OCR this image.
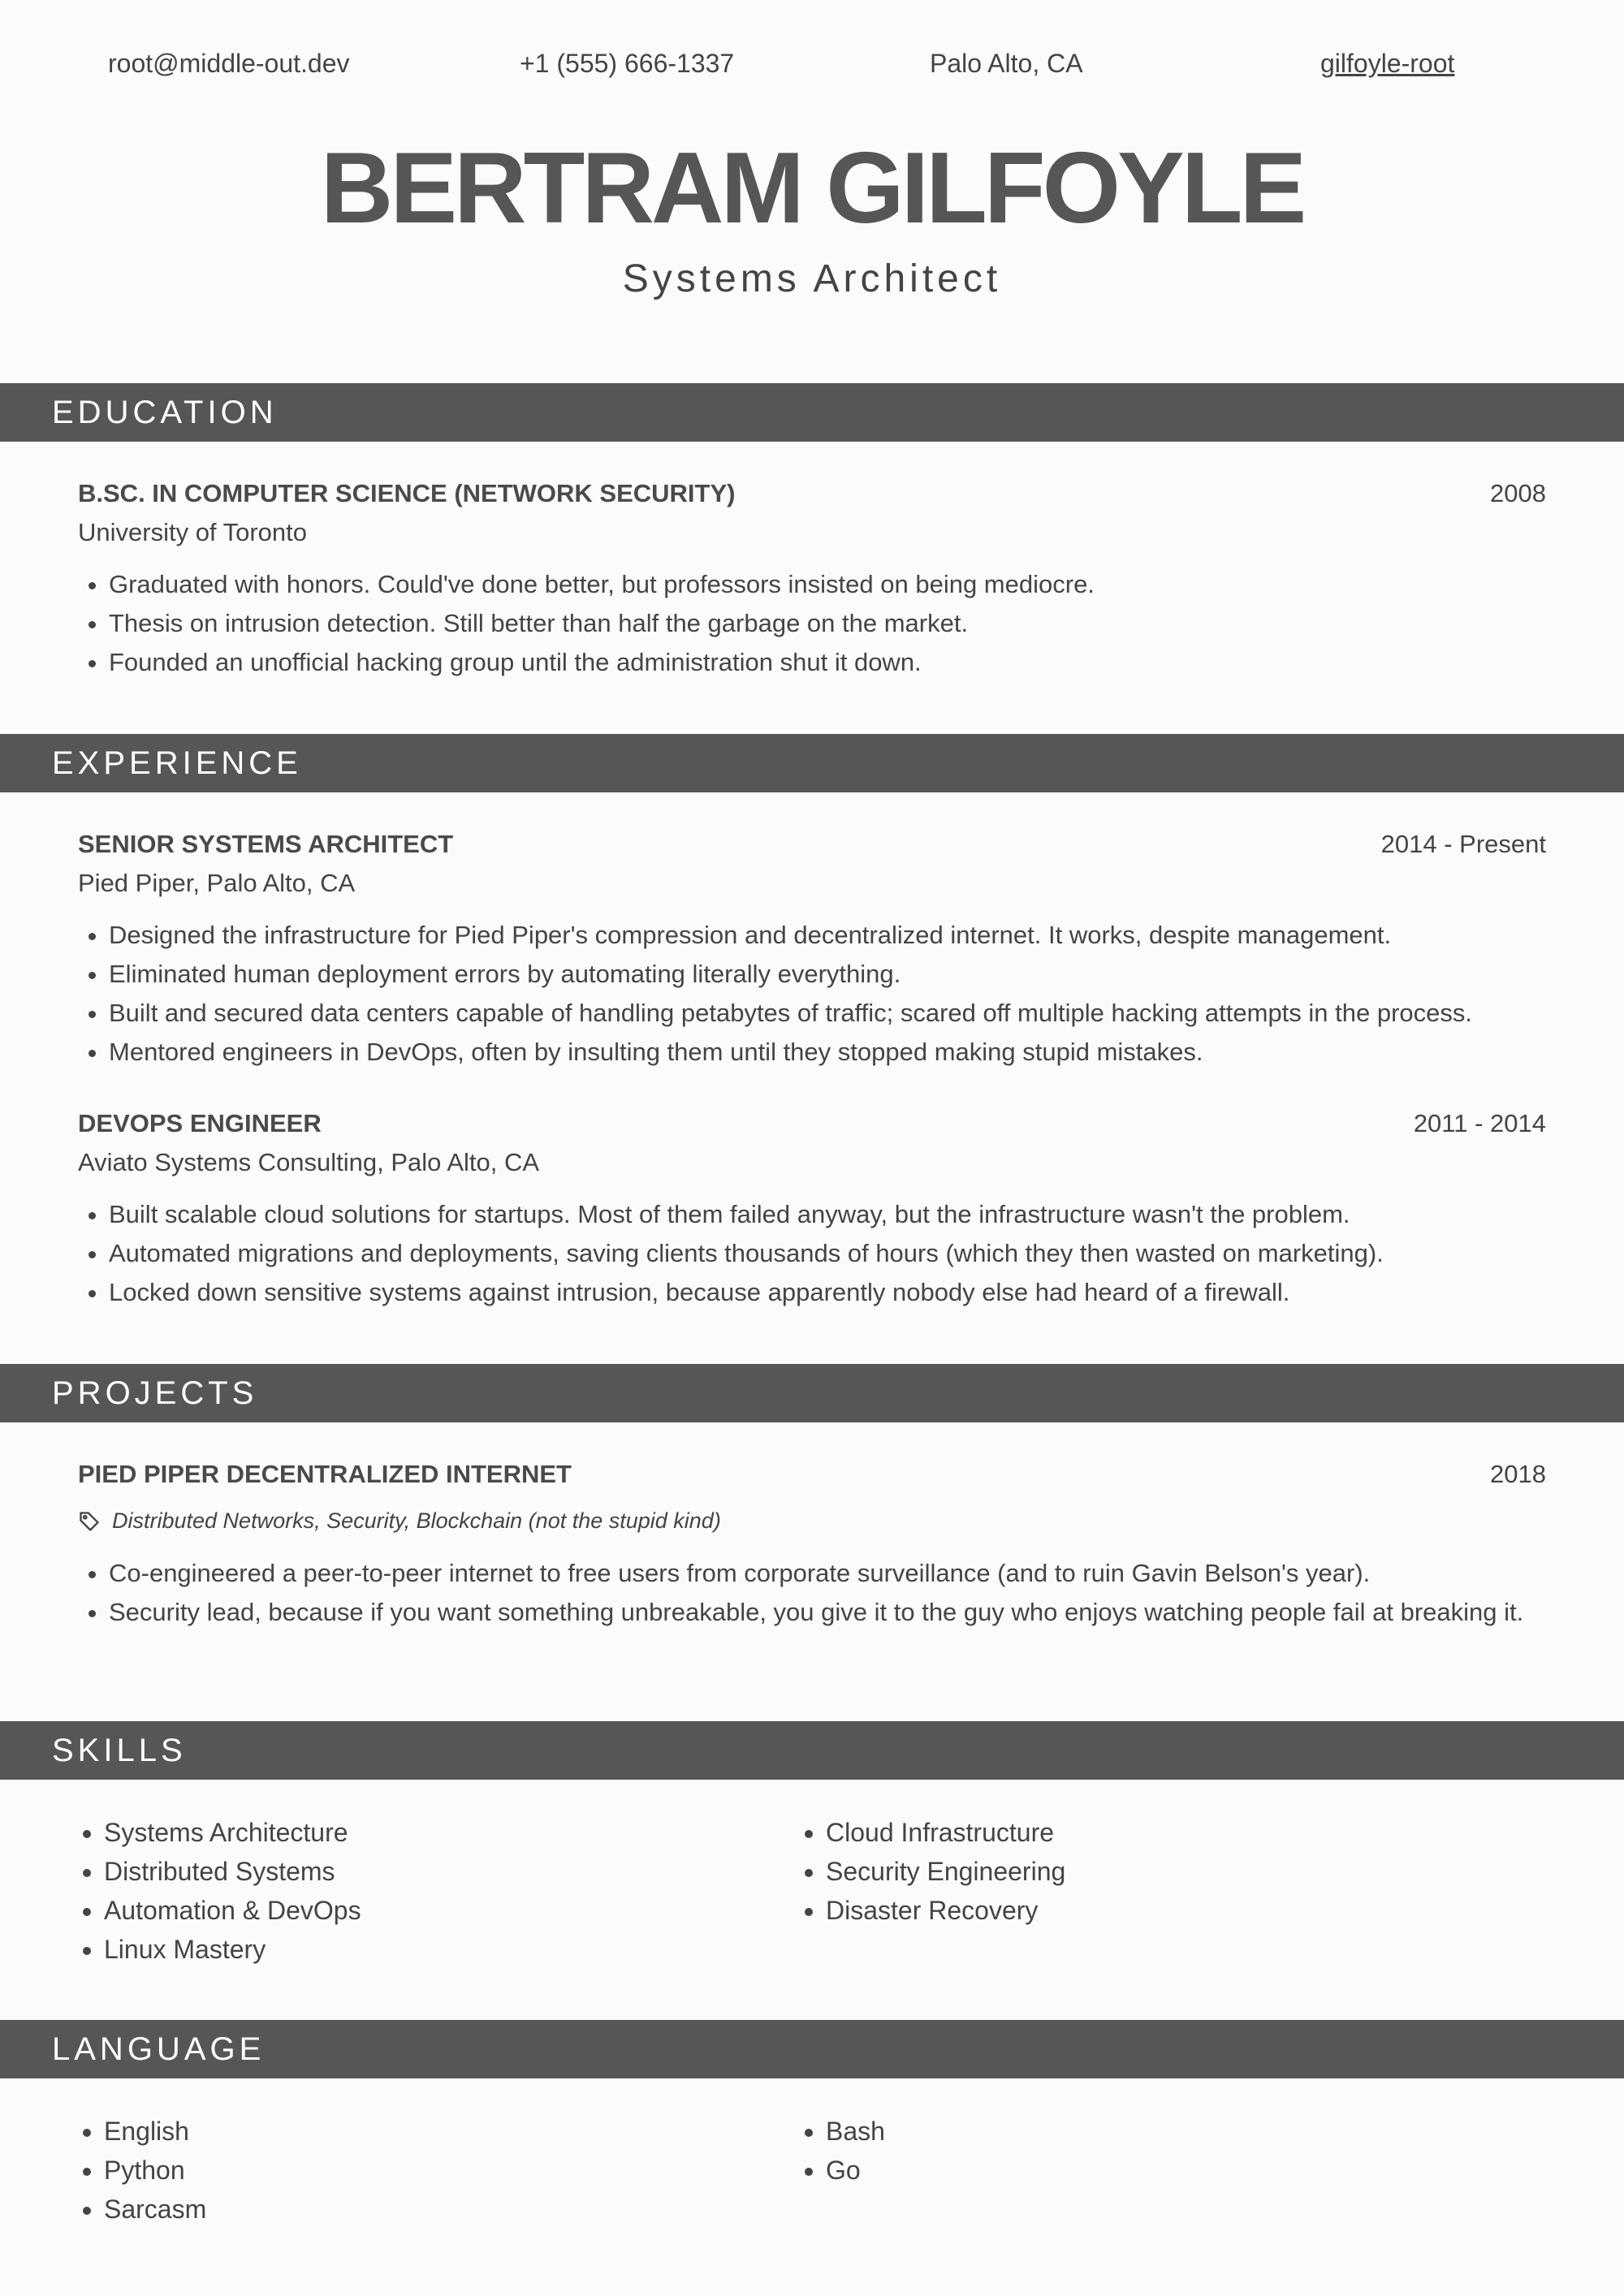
root@middle-out.dev	+1 (555) 666-1337	Palo Alto, CA	gilfoyle-root
BERTRAM GILFOYLE
Systems Architect
EDUCATION
B.SC. IN COMPUTER SCIENCE (NETWORK SECURITY)	2008
University of Toronto
• Graduated with honors. Could've done better, but professors insisted on being mediocre.
• Thesis on intrusion detection. Still better than half the garbage on the market.
• Founded an unofficial hacking group until the administration shut it down.
EXPERIENCE
SENIOR SYSTEMS ARCHITECT	2014 - Present
Pied Piper, Palo Alto, CA
• Designed the infrastructure for Pied Piper's compression and decentralized internet. It works, despite management.
• Eliminated human deployment errors by automating literally everything.
• Built and secured data centers capable of handling petabytes of traffic; scared off multiple hacking attempts in the process.
• Mentored engineers in DevOps, often by insulting them until they stopped making stupid mistakes.
DEVOPS ENGINEER	2011 - 2014
Aviato Systems Consulting, Palo Alto, CA
• Built scalable cloud solutions for startups. Most of them failed anyway, but the infrastructure wasn't the problem.
• Automated migrations and deployments, saving clients thousands of hours (which they then wasted on marketing).
• Locked down sensitive systems against intrusion, because apparently nobody else had heard of a firewall.
PROJECTS
PIED PIPER DECENTRALIZED INTERNET	2018
Distributed Networks, Security, Blockchain (not the stupid kind)
• Co-engineered a peer-to-peer internet to free users from corporate surveillance (and to ruin Gavin Belson's year).
• Security lead, because if you want something unbreakable, you give it to the guy who enjoys watching people fail at breaking it.
SKILLS
• Systems Architecture
• Distributed Systems
• Automation & DevOps
• Linux Mastery
• Cloud Infrastructure
• Security Engineering
• Disaster Recovery
LANGUAGE
• English
• Python
• Sarcasm
• Bash
• Go
